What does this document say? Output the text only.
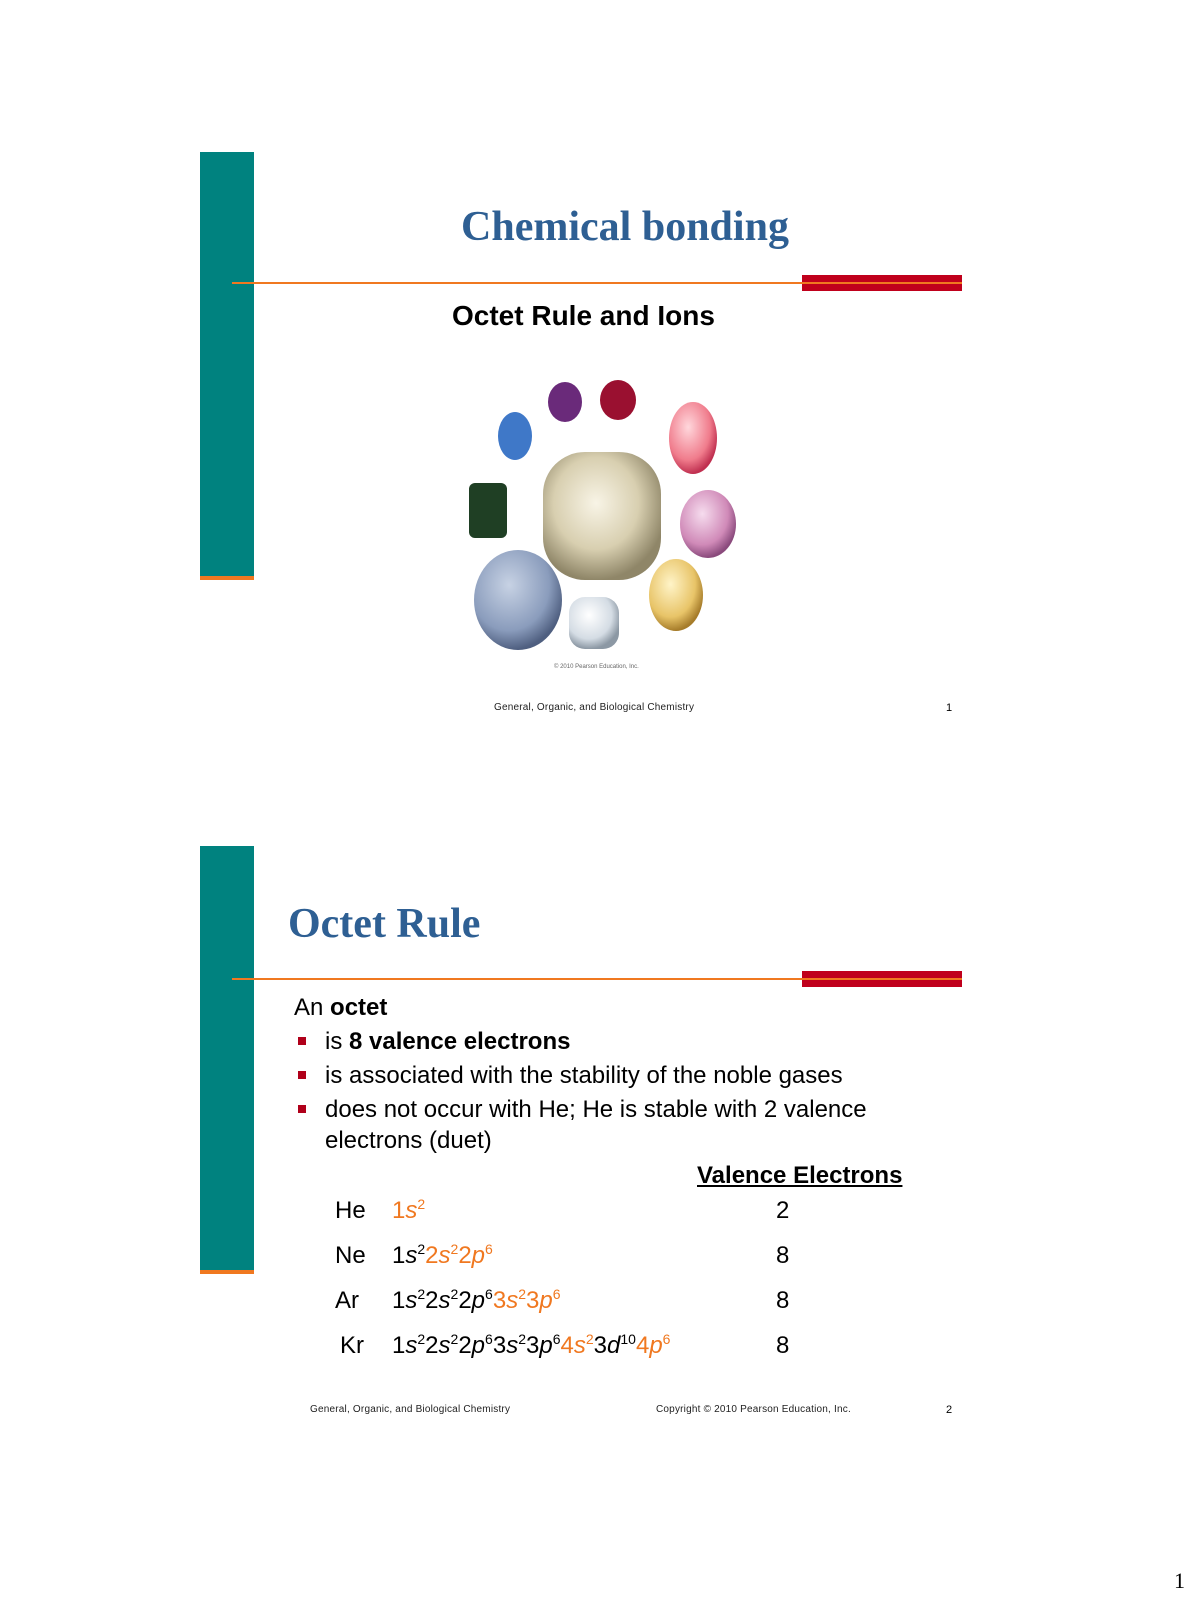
Chemical bonding
Octet Rule and Ions
© 2010 Pearson Education, Inc.
General, Organic, and Biological Chemistry	1
Octet Rule
An octet
is 8 valence electrons
is associated with the stability of the noble gases
does not occur with He; He is stable with 2 valence
electrons (duet)
Valence Electrons
He $1s^2$	2
Ne $1s^22s^22p^6$	8
Ar $1s^22s^22p^63s^23p^6$	8
Kr $1s^22s^22p^63s^23p^64s^23d^{10}4p^6$	8
General, Organic, and Biological Chemistry	Copyright © 2010 Pearson Education, Inc.	2
1
